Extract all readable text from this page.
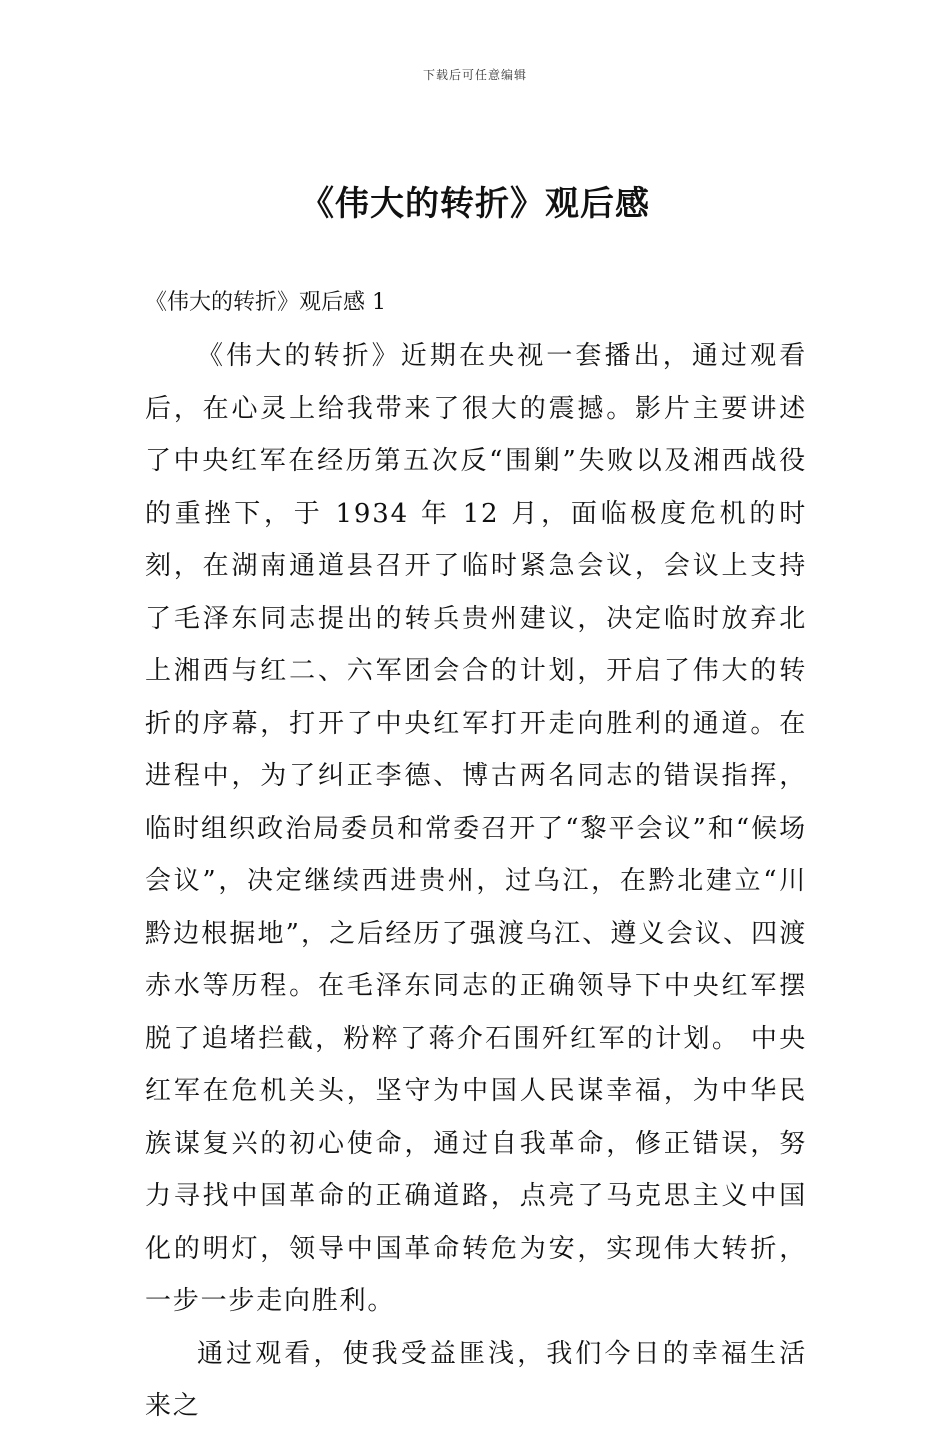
下载后可任意编辑
《伟大的转折》观后感
《伟大的转折》观后感 1

《伟大的转折》近期在央视一套播出，通过观看后，在心灵上给我带来了很大的震撼。影片主要讲述了中央红军在经历第五次反“围剿”失败以及湘西战役的重挫下，于 1934 年 12 月，面临极度危机的时刻，在湖南通道县召开了临时紧急会议，会议上支持了毛泽东同志提出的转兵贵州建议，决定临时放弃北上湘西与红二、六军团会合的计划，开启了伟大的转折的序幕，打开了中央红军打开走向胜利的通道。在进程中，为了纠正李德、博古两名同志的错误指挥，临时组织政治局委员和常委召开了“黎平会议”和“候场会议”，决定继续西进贵州，过乌江，在黔北建立“川黔边根据地”，之后经历了强渡乌江、遵义会议、四渡赤水等历程。在毛泽东同志的正确领导下中央红军摆脱了追堵拦截，粉粹了蒋介石围歼红军的计划。 中央红军在危机关头，坚守为中国人民谋幸福，为中华民族谋复兴的初心使命，通过自我革命，修正错误，努力寻找中国革命的正确道路，点亮了马克思主义中国化的明灯，领导中国革命转危为安，实现伟大转折，一步一步走向胜利。

通过观看，使我受益匪浅，我们今日的幸福生活来之
